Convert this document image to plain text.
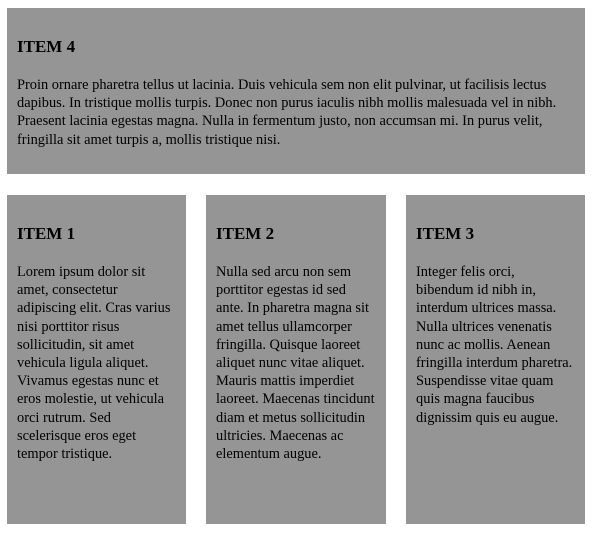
ITEM 4

Proin ornare pharetra tellus ut lacinia. Duis vehicula sem non elit pulvinar, ut facilisis lectus dapibus. In tristique mollis turpis. Donec non purus iaculis nibh mollis malesuada vel in nibh. Praesent lacinia egestas magna. Nulla in fermentum justo, non accumsan mi. In purus velit, fringilla sit amet turpis a, mollis tristique nisi.

ITEM 1

Lorem ipsum dolor sit amet, consectetur adipiscing elit. Cras varius nisi porttitor risus sollicitudin, sit amet vehicula ligula aliquet. Vivamus egestas nunc et eros molestie, ut vehicula orci rutrum. Sed scelerisque eros eget tempor tristique.

ITEM 2

Nulla sed arcu non sem porttitor egestas id sed ante. In pharetra magna sit amet tellus ullamcorper fringilla. Quisque laoreet aliquet nunc vitae aliquet. Mauris mattis imperdiet laoreet. Maecenas tincidunt diam et metus sollicitudin ultricies. Maecenas ac elementum augue.

ITEM 3

Integer felis orci, bibendum id nibh in, interdum ultrices massa. Nulla ultrices venenatis nunc ac mollis. Aenean fringilla interdum pharetra. Suspendisse vitae quam quis magna faucibus dignissim quis eu augue.
